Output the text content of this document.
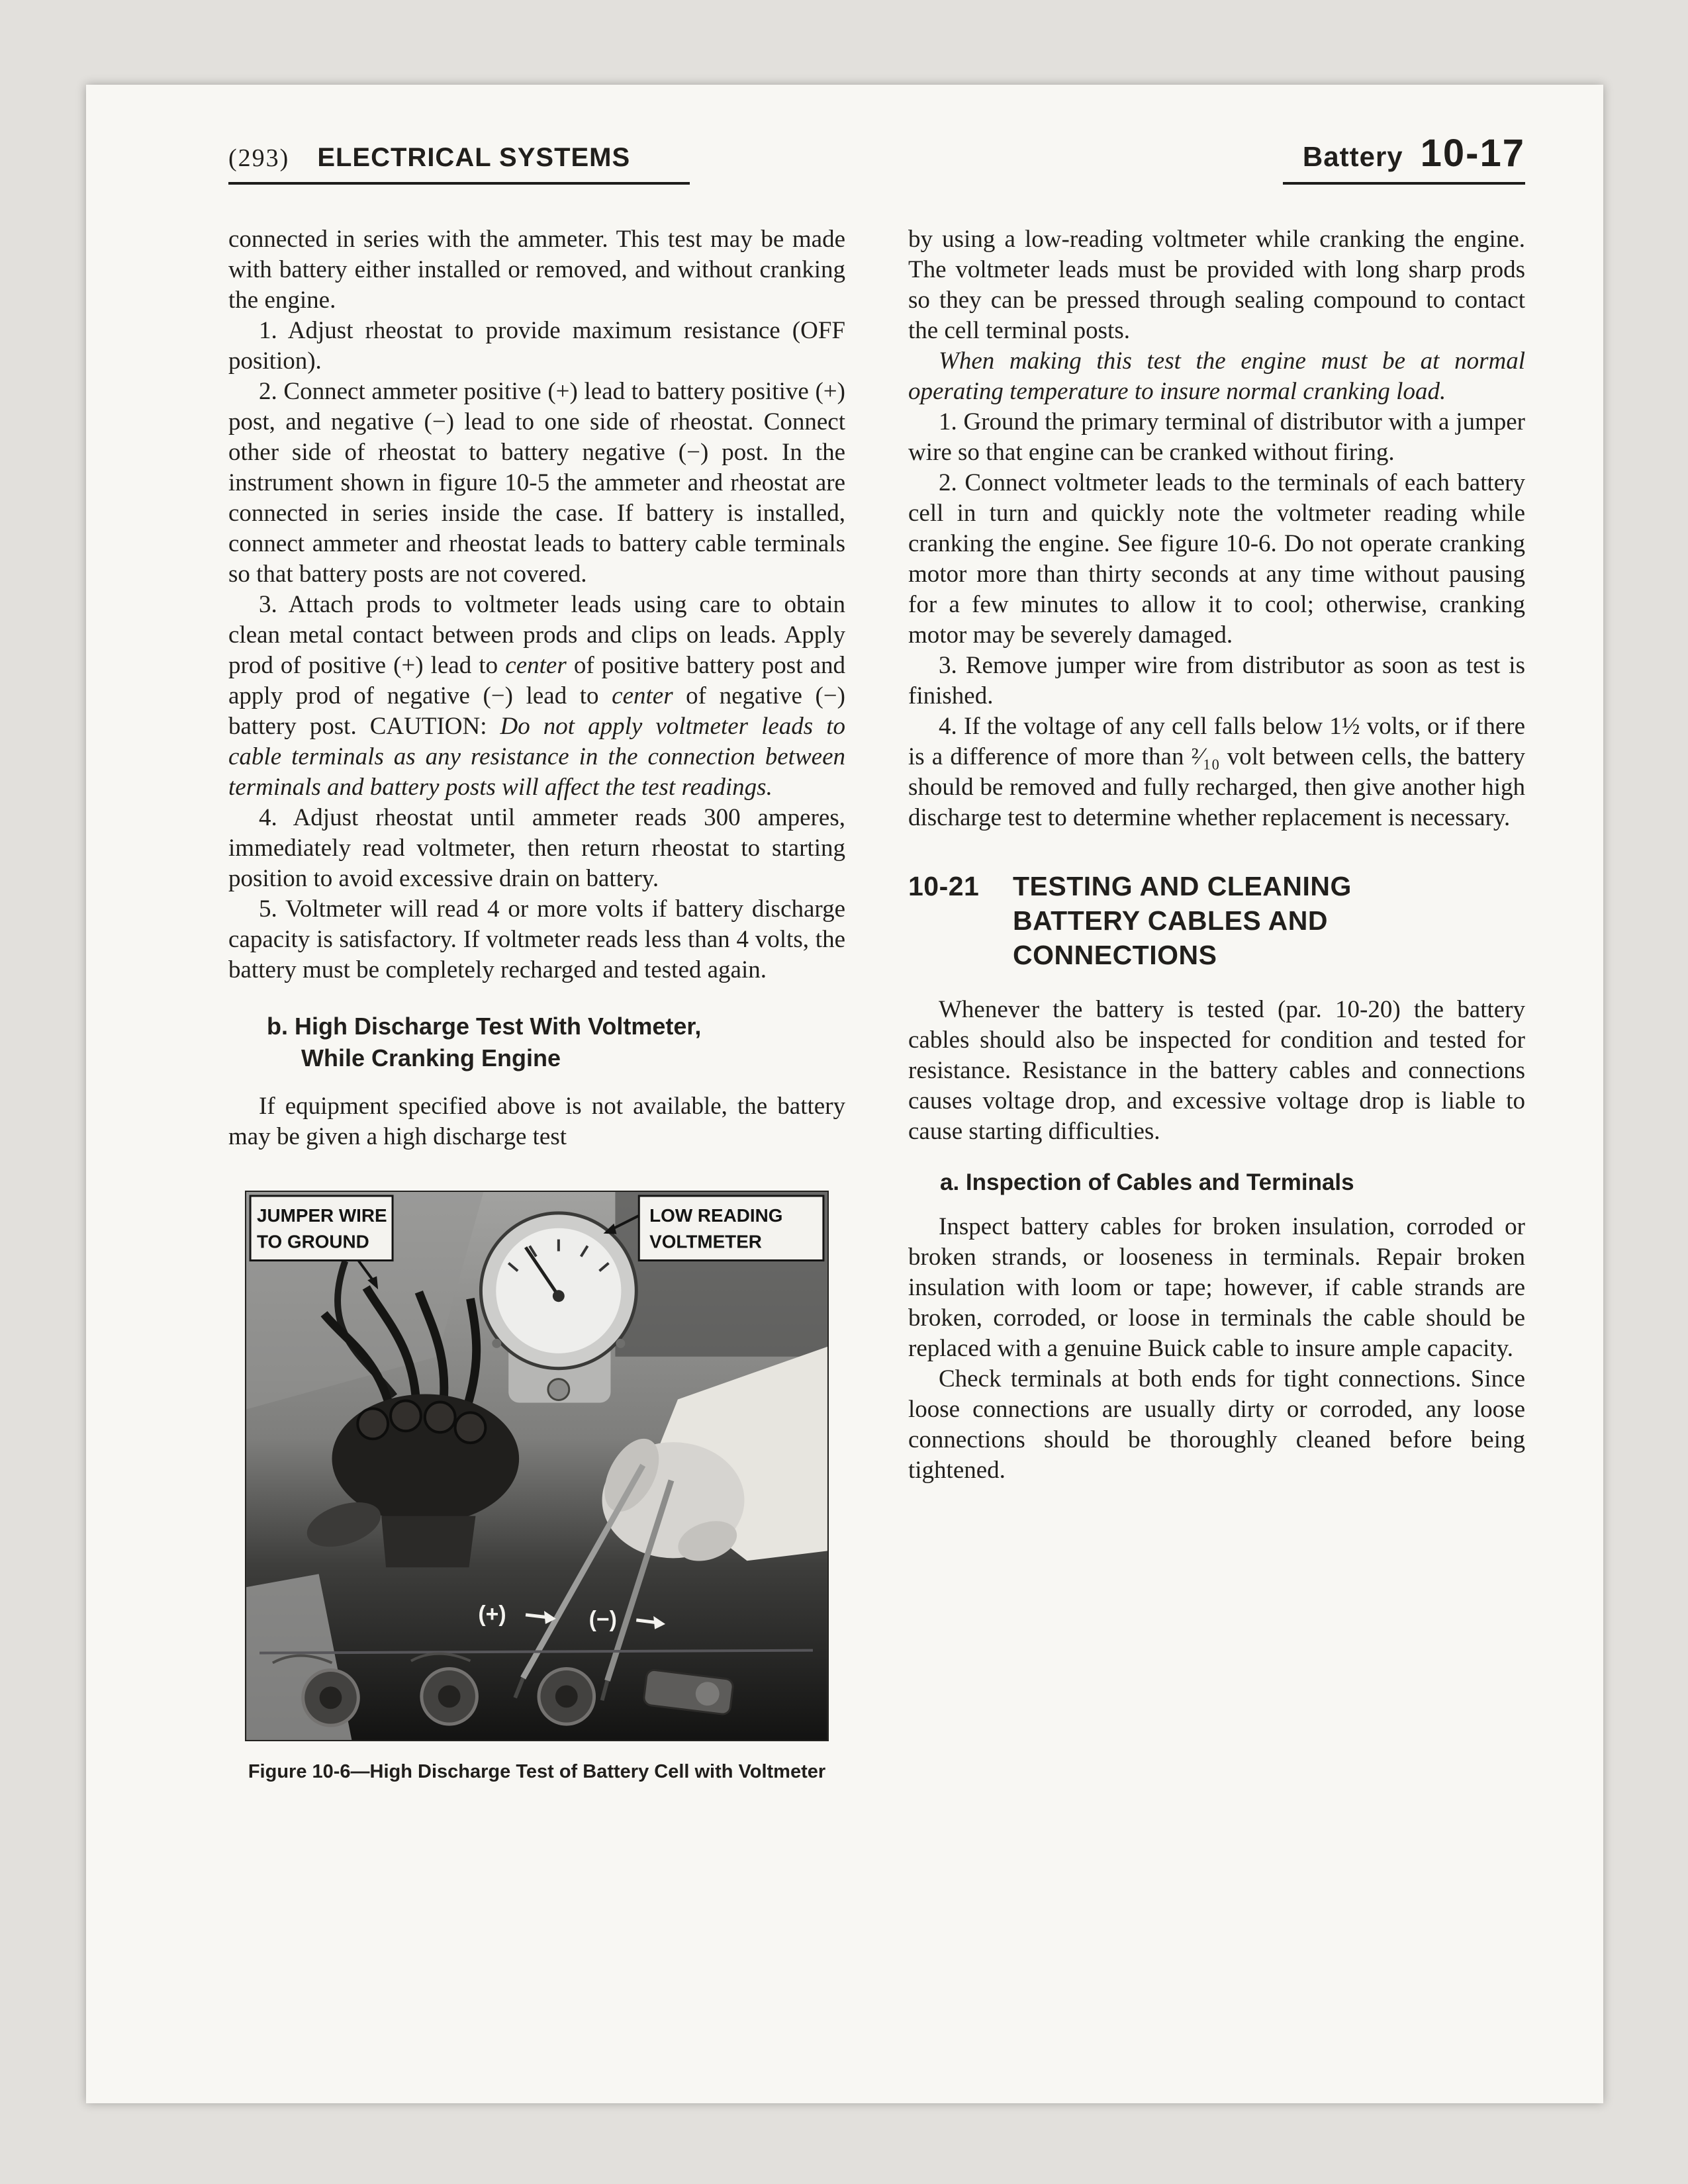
(293) ELECTRICAL SYSTEMS	Battery 10-17

connected in series with the ammeter. This test may be made with battery either installed or removed, and without cranking the engine.

1. Adjust rheostat to provide maximum resistance (OFF position).

2. Connect ammeter positive (+) lead to battery positive (+) post, and negative (−) lead to one side of rheostat. Connect other side of rheostat to battery negative (−) post. In the instrument shown in figure 10-5 the ammeter and rheostat are connected in series inside the case. If battery is installed, connect ammeter and rheostat leads to battery cable terminals so that battery posts are not covered.

3. Attach prods to voltmeter leads using care to obtain clean metal contact between prods and clips on leads. Apply prod of positive (+) lead to center of positive battery post and apply prod of negative (−) lead to center of negative (−) battery post. CAUTION: Do not apply voltmeter leads to cable terminals as any resistance in the connection between terminals and battery posts will affect the test readings.

4. Adjust rheostat until ammeter reads 300 amperes, immediately read voltmeter, then return rheostat to starting position to avoid excessive drain on battery.

5. Voltmeter will read 4 or more volts if battery discharge capacity is satisfactory. If voltmeter reads less than 4 volts, the battery must be completely recharged and tested again.

b. High Discharge Test With Voltmeter,
While Cranking Engine

If equipment specified above is not available, the battery may be given a high discharge test

(+)	(−)
JUMPER WIRE
TO GROUND
LOW READING
VOLTMETER
Figure 10-6—High Discharge Test of Battery Cell with Voltmeter

by using a low-reading voltmeter while cranking the engine. The voltmeter leads must be provided with long sharp prods so they can be pressed through sealing compound to contact the cell terminal posts.

When making this test the engine must be at normal operating temperature to insure normal cranking load.

1. Ground the primary terminal of distributor with a jumper wire so that engine can be cranked without firing.

2. Connect voltmeter leads to the terminals of each battery cell in turn and quickly note the voltmeter reading while cranking the engine. See figure 10-6. Do not operate cranking motor more than thirty seconds at any time without pausing for a few minutes to allow it to cool; otherwise, cranking motor may be severely damaged.

3. Remove jumper wire from distributor as soon as test is finished.

4. If the voltage of any cell falls below 1½ volts, or if there is a difference of more than ²⁄₁₀ volt between cells, the battery should be removed and fully recharged, then give another high discharge test to determine whether replacement is necessary.

10-21	TESTING AND CLEANING
BATTERY CABLES AND
CONNECTIONS

Whenever the battery is tested (par. 10-20) the battery cables should also be inspected for condition and tested for resistance. Resistance in the battery cables and connections causes voltage drop, and excessive voltage drop is liable to cause starting difficulties.

a. Inspection of Cables and Terminals

Inspect battery cables for broken insulation, corroded or broken strands, or looseness in terminals. Repair broken insulation with loom or tape; however, if cable strands are broken, corroded, or loose in terminals the cable should be replaced with a genuine Buick cable to insure ample capacity.

Check terminals at both ends for tight connections. Since loose connections are usually dirty or corroded, any loose connections should be thoroughly cleaned before being tightened.
